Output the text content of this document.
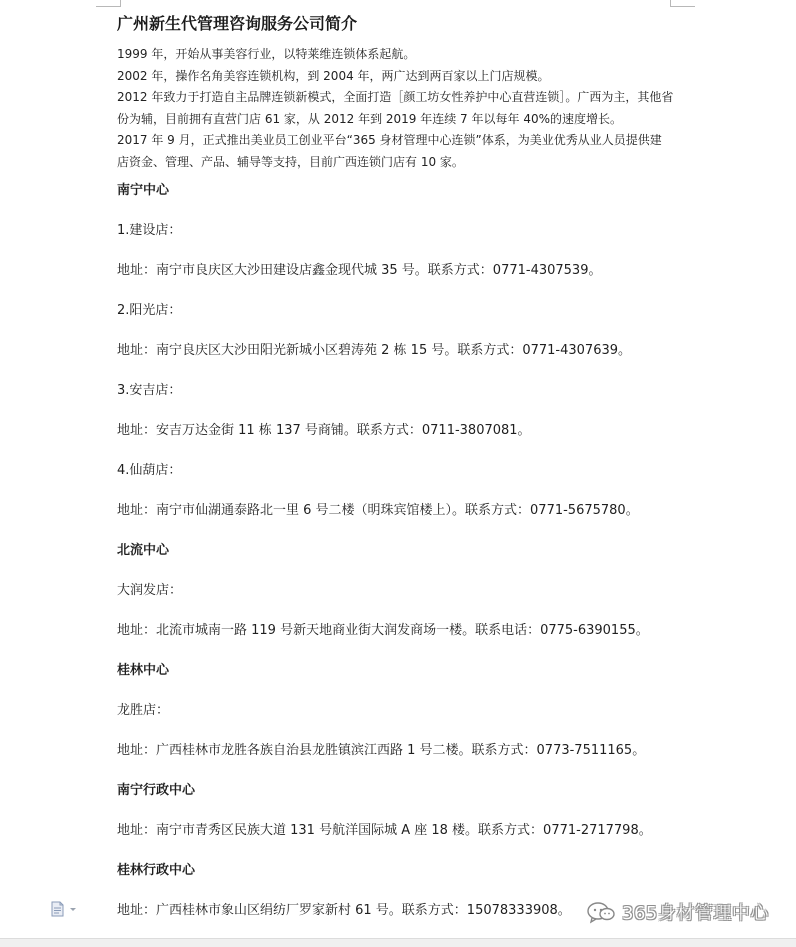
广州新生代管理咨询服务公司简介

1999 年，开始从事美容行业，以特莱维连锁体系起航。

2002 年，操作名角美容连锁机构，到 2004 年，两广达到两百家以上门店规模。

2012 年致力于打造自主品牌连锁新模式，全面打造［颜工坊女性养护中心直营连锁］。广西为主，其他省

份为辅，目前拥有直营门店 61 家，从 2012 年到 2019 年连续 7 年以每年 40%的速度增长。

2017 年 9 月，正式推出美业员工创业平台“365 身材管理中心连锁”体系，为美业优秀从业人员提供建

店资金、管理、产品、辅导等支持，目前广西连锁门店有 10 家。

南宁中心
1.建设店：
地址：南宁市良庆区大沙田建设店鑫金现代城 35 号。联系方式：0771-4307539。
2.阳光店：
地址：南宁良庆区大沙田阳光新城小区碧涛苑 2 栋 15 号。联系方式：0771-4307639。
3.安吉店：
地址：安吉万达金街 11 栋 137 号商铺。联系方式：0711-3807081。
4.仙葫店：
地址：南宁市仙湖通泰路北一里 6 号二楼（明珠宾馆楼上）。联系方式：0771-5675780。
北流中心
大润发店：
地址：北流市城南一路 119 号新天地商业街大润发商场一楼。联系电话：0775-6390155。
桂林中心
龙胜店：
地址：广西桂林市龙胜各族自治县龙胜镇滨江西路 1 号二楼。联系方式：0773-7511165。
南宁行政中心
地址：南宁市青秀区民族大道 131 号航洋国际城 A 座 18 楼。联系方式：0771-2717798。
桂林行政中心
地址：广西桂林市象山区绢纺厂罗家新村 61 号。联系方式：15078333908。	365身材管理中心
